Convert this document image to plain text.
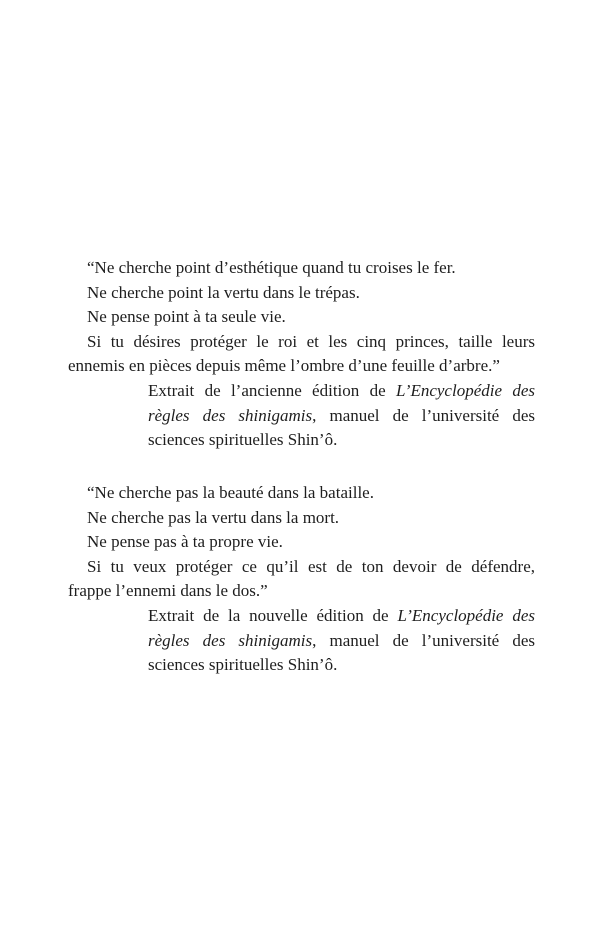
“Ne cherche point d’esthétique quand tu croises le fer.
Ne cherche point la vertu dans le trépas.
Ne pense point à ta seule vie.
Si tu désires protéger le roi et les cinq princes, taille leurs
ennemis en pièces depuis même l’ombre d’une feuille d’arbre.”
Extrait de l’ancienne édition de L’Encyclopédie des
règles des shinigamis, manuel de l’université des
sciences spirituelles Shin’ô.
“Ne cherche pas la beauté dans la bataille.
Ne cherche pas la vertu dans la mort.
Ne pense pas à ta propre vie.
Si tu veux protéger ce qu’il est de ton devoir de défendre,
frappe l’ennemi dans le dos.”
Extrait de la nouvelle édition de L’Encyclopédie des
règles des shinigamis, manuel de l’université des
sciences spirituelles Shin’ô.
